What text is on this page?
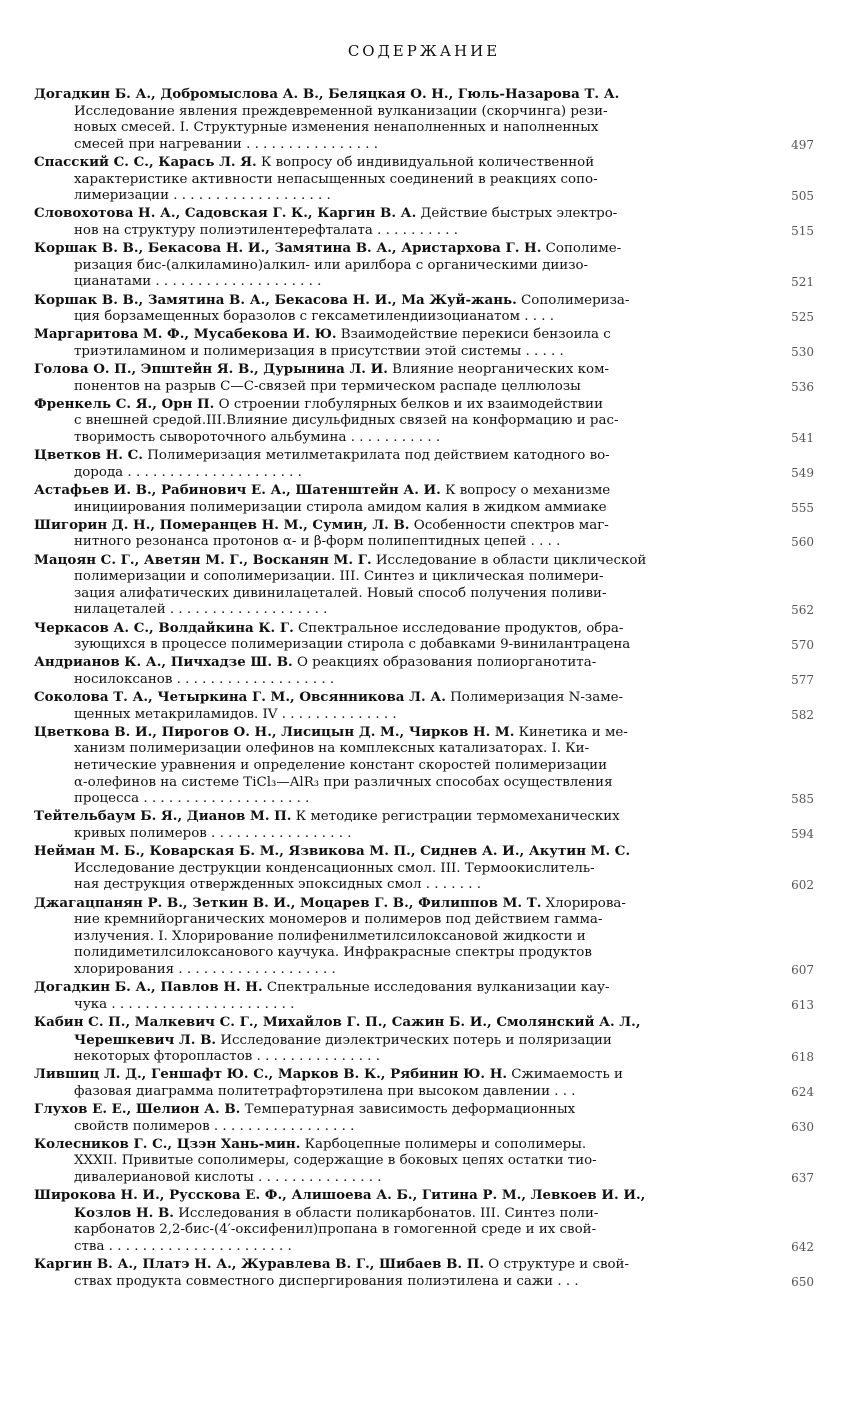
СОДЕРЖАНИЕ
Догадкин Б. А., Добромыслова А. В., Беляцкая О. Н., Гюль-Назарова Т. А.
Исследование явления преждевременной вулканизации (скорчинга) рези-
новых смесей. I. Структурные изменения ненаполненных и наполненных
смесей при нагревании . . . . . . . . . . . . . . . .	497
Спасский С. С., Карась Л. Я. К вопросу об индивидуальной количественной
характеристике активности непасыщенных соединений в реакциях сопо-
лимеризации . . . . . . . . . . . . . . . . . . .	505
Словохотова Н. А., Садовская Г. К., Каргин В. А. Действие быстрых электро-
нов на структуру полиэтилентерефталата . . . . . . . . . .	515
Коршак В. В., Бекасова Н. И., Замятина В. А., Аристархова Г. Н. Сополиме-
ризация бис-(алкиламино)алкил- или арилбора с органическими диизо-
цианатами . . . . . . . . . . . . . . . . . . . .	521
Коршак В. В., Замятина В. А., Бекасова Н. И., Ма Жуй-жань. Сополимериза-
ция борзамещенных боразолов с гексаметилендиизоцианатом . . . .	525
Маргаритова М. Ф., Мусабекова И. Ю. Взаимодействие перекиси бензоила с
триэтиламином и полимеризация в присутствии этой системы . . . . .	530
Голова О. П., Эпштейн Я. В., Дурынина Л. И. Влияние неорганических ком-
понентов на разрыв С—С-связей при термическом распаде целлюлозы	536
Френкель С. Я., Орн П. О строении глобулярных белков и их взаимодействии
с внешней средой.III.Влияние дисульфидных связей на конформацию и рас-
творимость сывороточного альбумина . . . . . . . . . . .	541
Цветков Н. С. Полимеризация метилметакрилата под действием катодного во-
дорода . . . . . . . . . . . . . . . . . . . . .	549
Астафьев И. В., Рабинович Е. А., Шатенштейн А. И. К вопросу о механизме
инициирования полимеризации стирола амидом калия в жидком аммиаке	555
Шигорин Д. Н., Померанцев Н. М., Сумин, Л. В. Особенности спектров маг-
нитного резонанса протонов α- и β-форм полипептидных цепей . . . .	560
Мацоян С. Г., Аветян М. Г., Восканян М. Г. Исследование в области циклической
полимеризации и сополимеризации. III. Синтез и циклическая полимери-
зация алифатических дивинилацеталей. Новый способ получения поливи-
нилацеталей . . . . . . . . . . . . . . . . . . .	562
Черкасов А. С., Волдайкина К. Г. Спектральное исследование продуктов, обра-
зующихся в процессе полимеризации стирола с добавками 9-винилантрацена	570
Андрианов К. А., Пичхадзе Ш. В. О реакциях образования полиорганотита-
носилоксанов . . . . . . . . . . . . . . . . . . .	577
Соколова Т. А., Четыркина Г. М., Овсянникова Л. А. Полимеризация N-заме-
щенных метакриламидов. IV . . . . . . . . . . . . . .	582
Цветкова В. И., Пирогов О. Н., Лисицын Д. М., Чирков Н. М. Кинетика и ме-
ханизм полимеризации олефинов на комплексных катализаторах. I. Ки-
нетические уравнения и определение констант скоростей полимеризации
α-олефинов на системе TiCl₃—AlR₃ при различных способах осуществления
процесса . . . . . . . . . . . . . . . . . . . .	585
Тейтельбаум Б. Я., Дианов М. П. К методике регистрации термомеханических
кривых полимеров . . . . . . . . . . . . . . . . .	594
Нейман М. Б., Коварская Б. М., Язвикова М. П., Сиднев А. И., Акутин М. С.
Исследование деструкции конденсационных смол. III. Термоокислитель-
ная деструкция отвержденных эпоксидных смол . . . . . . .	602
Джагацпанян Р. В., Зеткин В. И., Моцарев Г. В., Филиппов М. Т. Хлорирова-
ние кремнийорганических мономеров и полимеров под действием гамма-
излучения. I. Хлорирование полифенилметилсилоксановой жидкости и
полидиметилсилоксанового каучука. Инфракрасные спектры продуктов
хлорирования . . . . . . . . . . . . . . . . . . .	607
Догадкин Б. А., Павлов Н. Н. Спектральные исследования вулканизации кау-
чука . . . . . . . . . . . . . . . . . . . . . .	613
Кабин С. П., Малкевич С. Г., Михайлов Г. П., Сажин Б. И., Смолянский А. Л.,
Черешкевич Л. В. Исследование диэлектрических потерь и поляризации
некоторых фторопластов . . . . . . . . . . . . . . .	618
Лившиц Л. Д., Геншафт Ю. С., Марков В. К., Рябинин Ю. Н. Сжимаемость и
фазовая диаграмма политетрафторэтилена при высоком давлении . . .	624
Глухов Е. Е., Шелион А. В. Температурная зависимость деформационных
свойств полимеров . . . . . . . . . . . . . . . . .	630
Колесников Г. С., Цзэн Хань-мин. Карбоцепные полимеры и сополимеры.
XXXII. Привитые сополимеры, содержащие в боковых цепях остатки тио-
дивалериановой кислоты . . . . . . . . . . . . . . .	637
Широкова Н. И., Русскова Е. Ф., Алишоева А. Б., Гитина Р. М., Левкоев И. И.,
Козлов Н. В. Исследования в области поликарбонатов. III. Синтез поли-
карбонатов 2,2-бис-(4′-оксифенил)пропана в гомогенной среде и их свой-
ства . . . . . . . . . . . . . . . . . . . . . .	642
Каргин В. А., Платэ Н. А., Журавлева В. Г., Шибаев В. П. О структуре и свой-
ствах продукта совместного диспергирования полиэтилена и сажи . . .	650
